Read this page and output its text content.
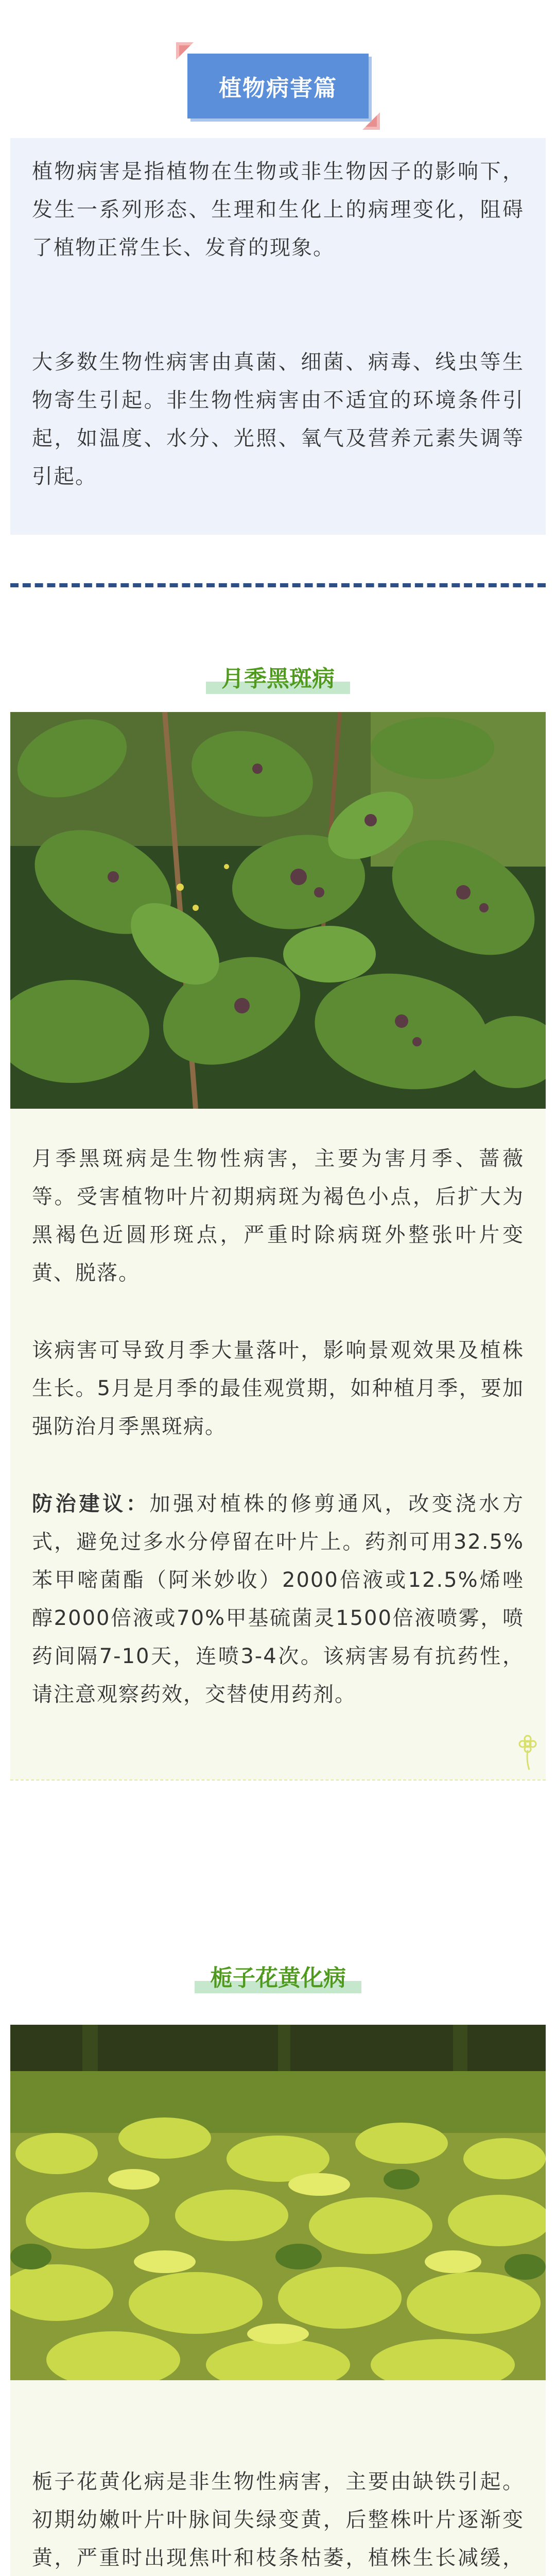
植物病害篇
植物病害是指植物在生物或非生物因子的影响下，发生一系列形态、生理和生化上的病理变化，阻碍了植物正常生长、发育的现象。
大多数生物性病害由真菌、细菌、病毒、线虫等生物寄生引起。非生物性病害由不适宜的环境条件引起，如温度、水分、光照、氧气及营养元素失调等引起。
月季黑斑病
月季黑斑病是生物性病害，主要为害月季、蔷薇等。受害植物叶片初期病斑为褐色小点，后扩大为黑褐色近圆形斑点，严重时除病斑外整张叶片变黄、脱落。
该病害可导致月季大量落叶，影响景观效果及植株生长。5月是月季的最佳观赏期，如种植月季，要加强防治月季黑斑病。
防治建议：加强对植株的修剪通风，改变浇水方式，避免过多水分停留在叶片上。药剂可用32.5%苯甲嘧菌酯（阿米妙收）2000倍液或12.5%烯唑醇2000倍液或70%甲基硫菌灵1500倍液喷雾，喷药间隔7-10天，连喷3-4次。该病害易有抗药性，请注意观察药效，交替使用药剂。
栀子花黄化病
栀子花黄化病是非生物性病害，主要由缺铁引起。初期幼嫩叶片叶脉间失绿变黄，后整株叶片逐渐变黄，严重时出现焦叶和枝条枯萎，植株生长减缓，
